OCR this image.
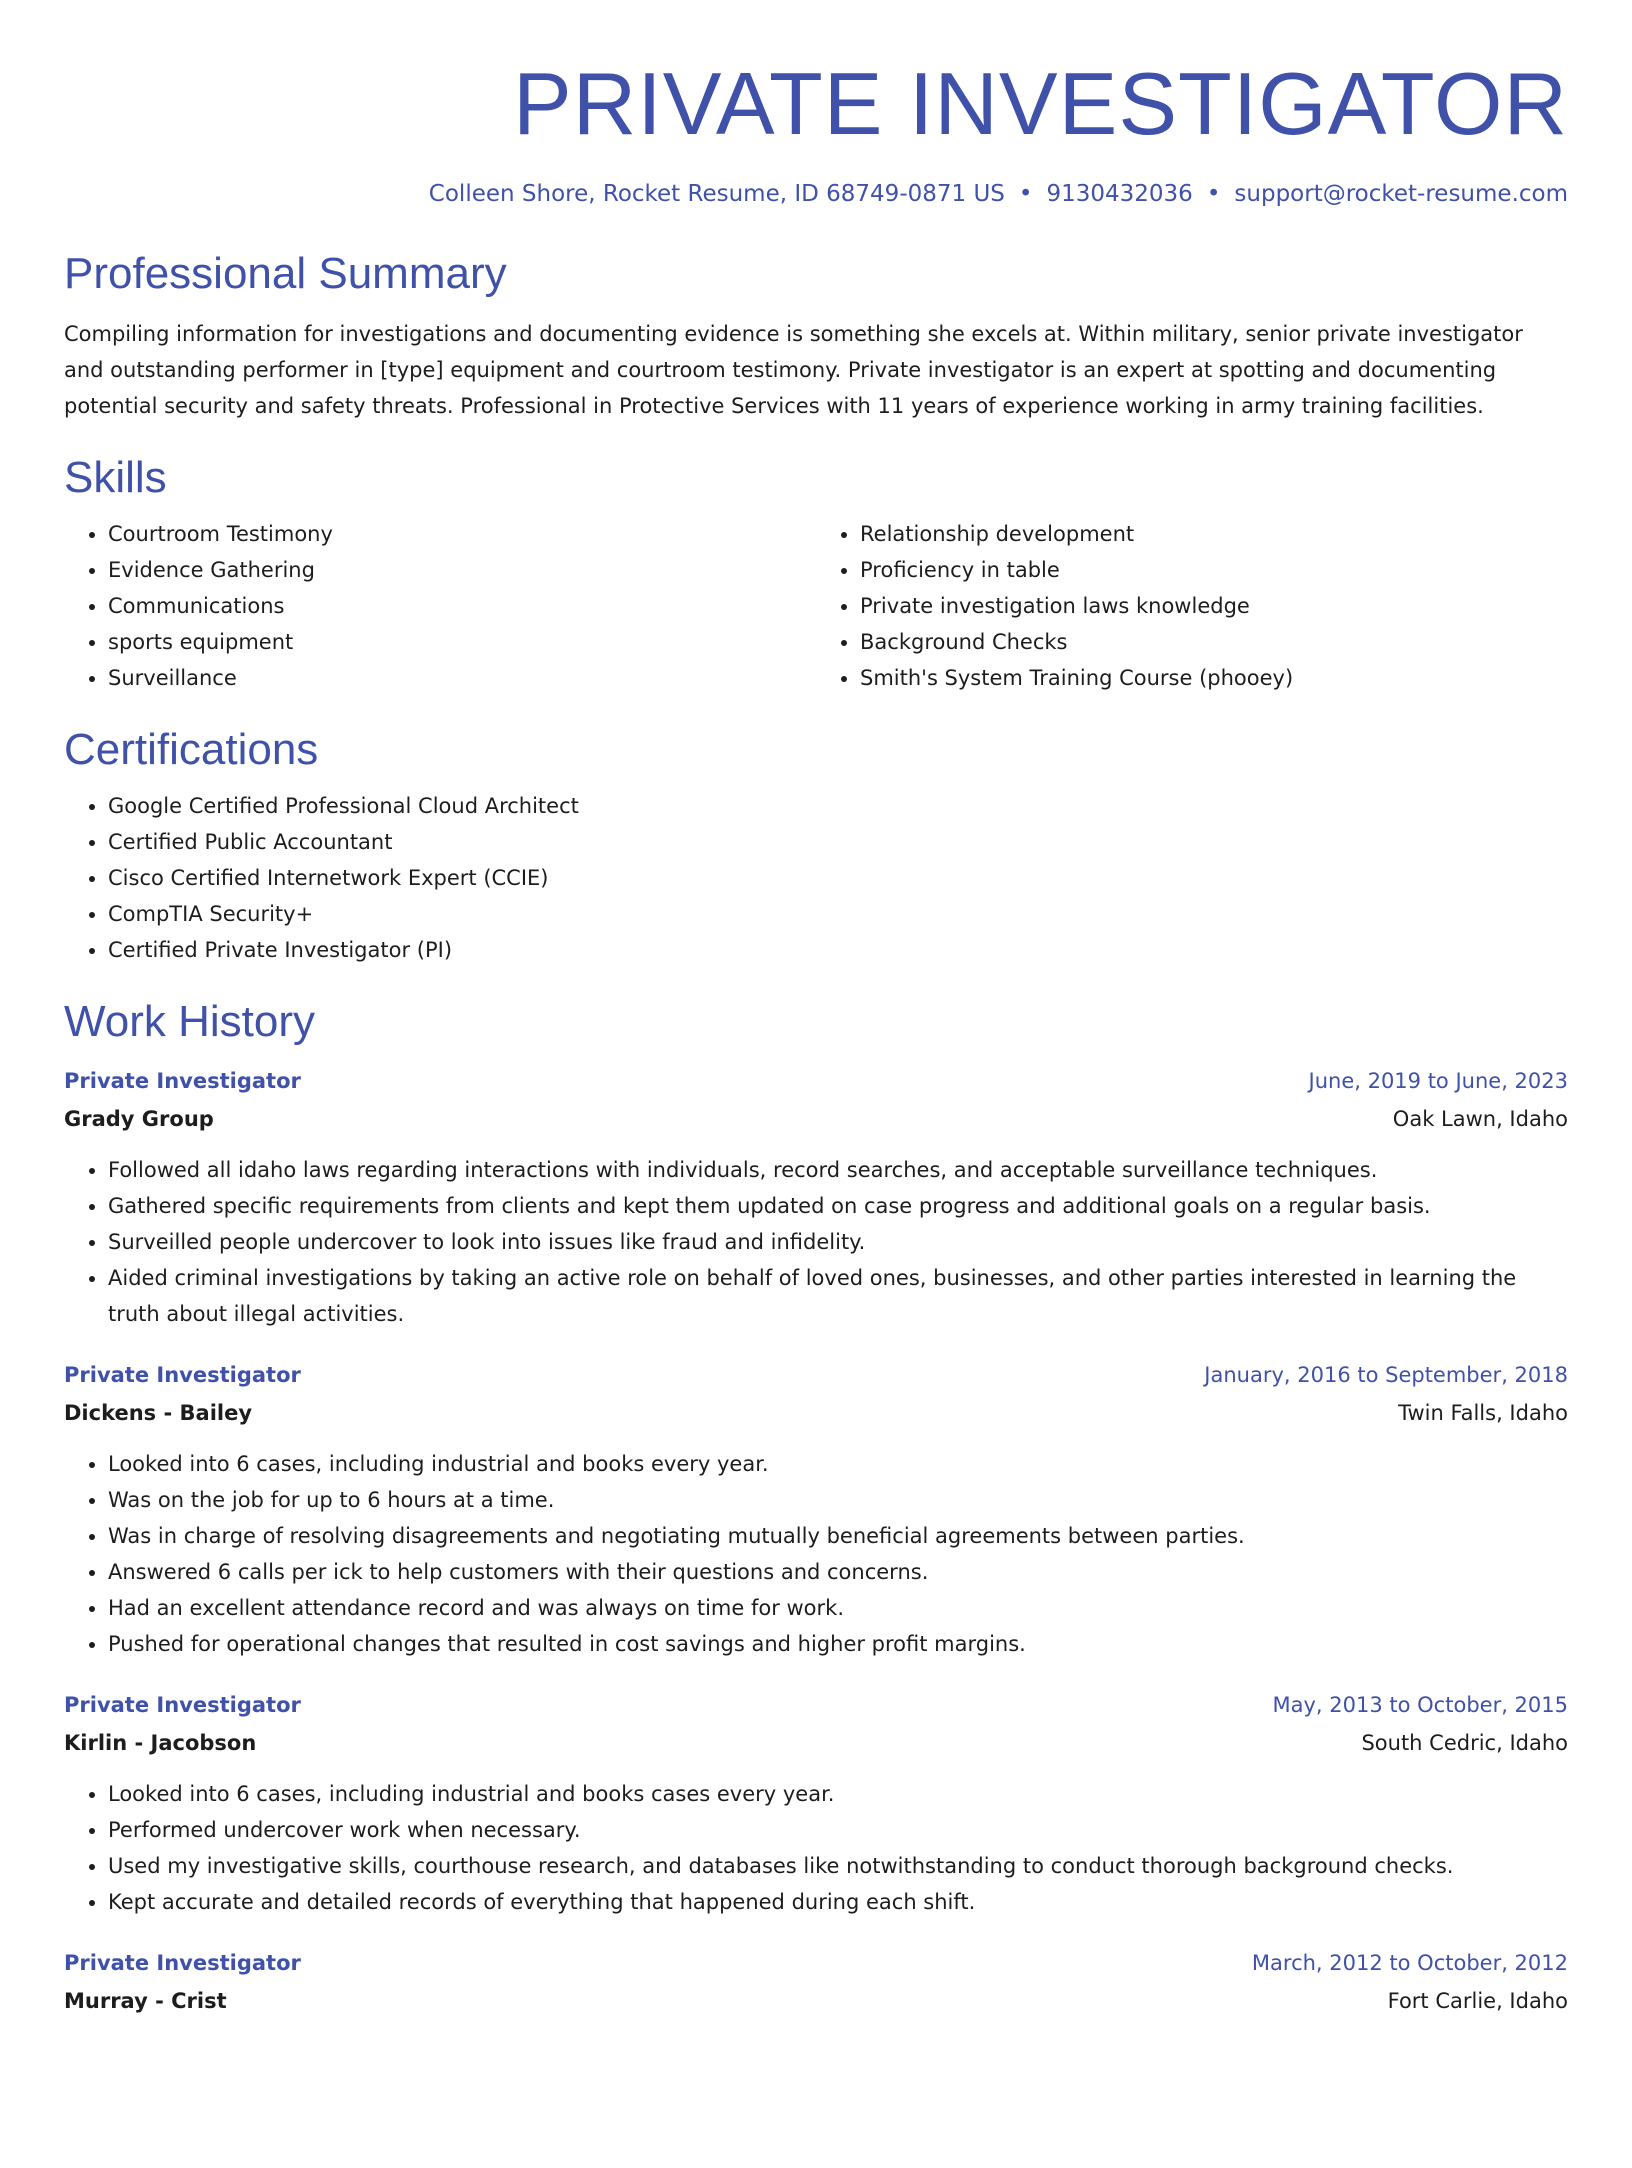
PRIVATE INVESTIGATOR
Colleen Shore, Rocket Resume, ID 68749-0871 US • 9130432036 • support@rocket-resume.com
Professional Summary
Compiling information for investigations and documenting evidence is something she excels at. Within military, senior private investigator and outstanding performer in [type] equipment and courtroom testimony. Private investigator is an expert at spotting and documenting potential security and safety threats. Professional in Protective Services with 11 years of experience working in army training facilities.
Skills
• Courtroom Testimony
• Evidence Gathering
• Communications
• sports equipment
• Surveillance
• Relationship development
• Proficiency in table
• Private investigation laws knowledge
• Background Checks
• Smith's System Training Course (phooey)
Certifications
• Google Certified Professional Cloud Architect
• Certified Public Accountant
• Cisco Certified Internetwork Expert (CCIE)
• CompTIA Security+
• Certified Private Investigator (PI)
Work History
Private Investigator	June, 2019 to June, 2023
Grady Group	Oak Lawn, Idaho
• Followed all idaho laws regarding interactions with individuals, record searches, and acceptable surveillance techniques.
• Gathered specific requirements from clients and kept them updated on case progress and additional goals on a regular basis.
• Surveilled people undercover to look into issues like fraud and infidelity.
• Aided criminal investigations by taking an active role on behalf of loved ones, businesses, and other parties interested in learning the truth about illegal activities.
Private Investigator	January, 2016 to September, 2018
Dickens - Bailey	Twin Falls, Idaho
• Looked into 6 cases, including industrial and books every year.
• Was on the job for up to 6 hours at a time.
• Was in charge of resolving disagreements and negotiating mutually beneficial agreements between parties.
• Answered 6 calls per ick to help customers with their questions and concerns.
• Had an excellent attendance record and was always on time for work.
• Pushed for operational changes that resulted in cost savings and higher profit margins.
Private Investigator	May, 2013 to October, 2015
Kirlin - Jacobson	South Cedric, Idaho
• Looked into 6 cases, including industrial and books cases every year.
• Performed undercover work when necessary.
• Used my investigative skills, courthouse research, and databases like notwithstanding to conduct thorough background checks.
• Kept accurate and detailed records of everything that happened during each shift.
Private Investigator	March, 2012 to October, 2012
Murray - Crist	Fort Carlie, Idaho
